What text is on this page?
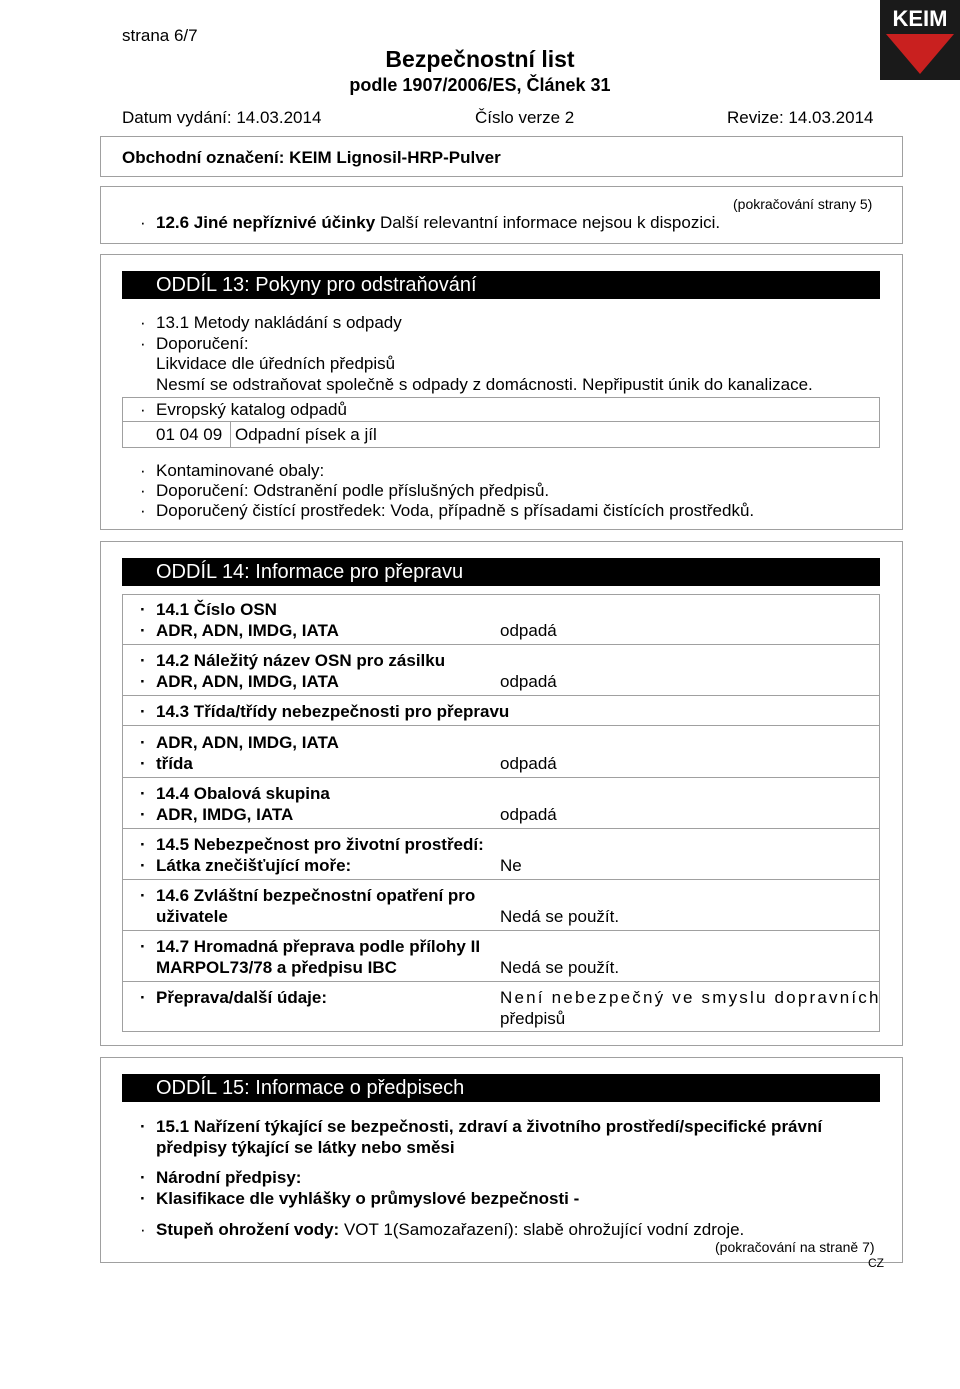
strana 6/7
Bezpečnostní list
podle 1907/2006/ES, Článek 31
Datum vydání: 14.03.2014	Číslo verze 2	Revize: 14.03.2014
KEIM
Obchodní označení: KEIM Lignosil-HRP-Pulver
(pokračování strany 5)
· 12.6 Jiné nepříznivé účinky Další relevantní informace nejsou k dispozici.
ODDÍL 13: Pokyny pro odstraňování
· 13.1 Metody nakládání s odpady
· Doporučení:
Likvidace dle úředních předpisů
Nesmí se odstraňovat společně s odpady z domácnosti. Nepřipustit únik do kanalizace.
· Evropský katalog odpadů
01 04 09 Odpadní písek a jíl
· Kontaminované obaly:
· Doporučení: Odstranění podle příslušných předpisů.
· Doporučený čistící prostředek: Voda, případně s přísadami čistících prostředků.
ODDÍL 14: Informace pro přepravu
· 14.1 Číslo OSN
· ADR, ADN, IMDG, IATA	odpadá
· 14.2 Náležitý název OSN pro zásilku
· ADR, ADN, IMDG, IATA	odpadá
· 14.3 Třída/třídy nebezpečnosti pro přepravu
· ADR, ADN, IMDG, IATA
· třída	odpadá
· 14.4 Obalová skupina
· ADR, IMDG, IATA	odpadá
· 14.5 Nebezpečnost pro životní prostředí:
· Látka znečišťující moře:	Ne
· 14.6 Zvláštní bezpečnostní opatření pro
uživatele	Nedá se použít.
· 14.7 Hromadná přeprava podle přílohy II
MARPOL73/78 a předpisu IBC	Nedá se použít.
· Přeprava/další údaje:	Není nebezpečný ve smyslu dopravních
předpisů
ODDÍL 15: Informace o předpisech
· 15.1 Nařízení týkající se bezpečnosti, zdraví a životního prostředí/specifické právní
předpisy týkající se látky nebo směsi
· Národní předpisy:
· Klasifikace dle vyhlášky o průmyslové bezpečnosti -
· Stupeň ohrožení vody: VOT 1(Samozařazení): slabě ohrožující vodní zdroje.
(pokračování na straně 7)
CZ
